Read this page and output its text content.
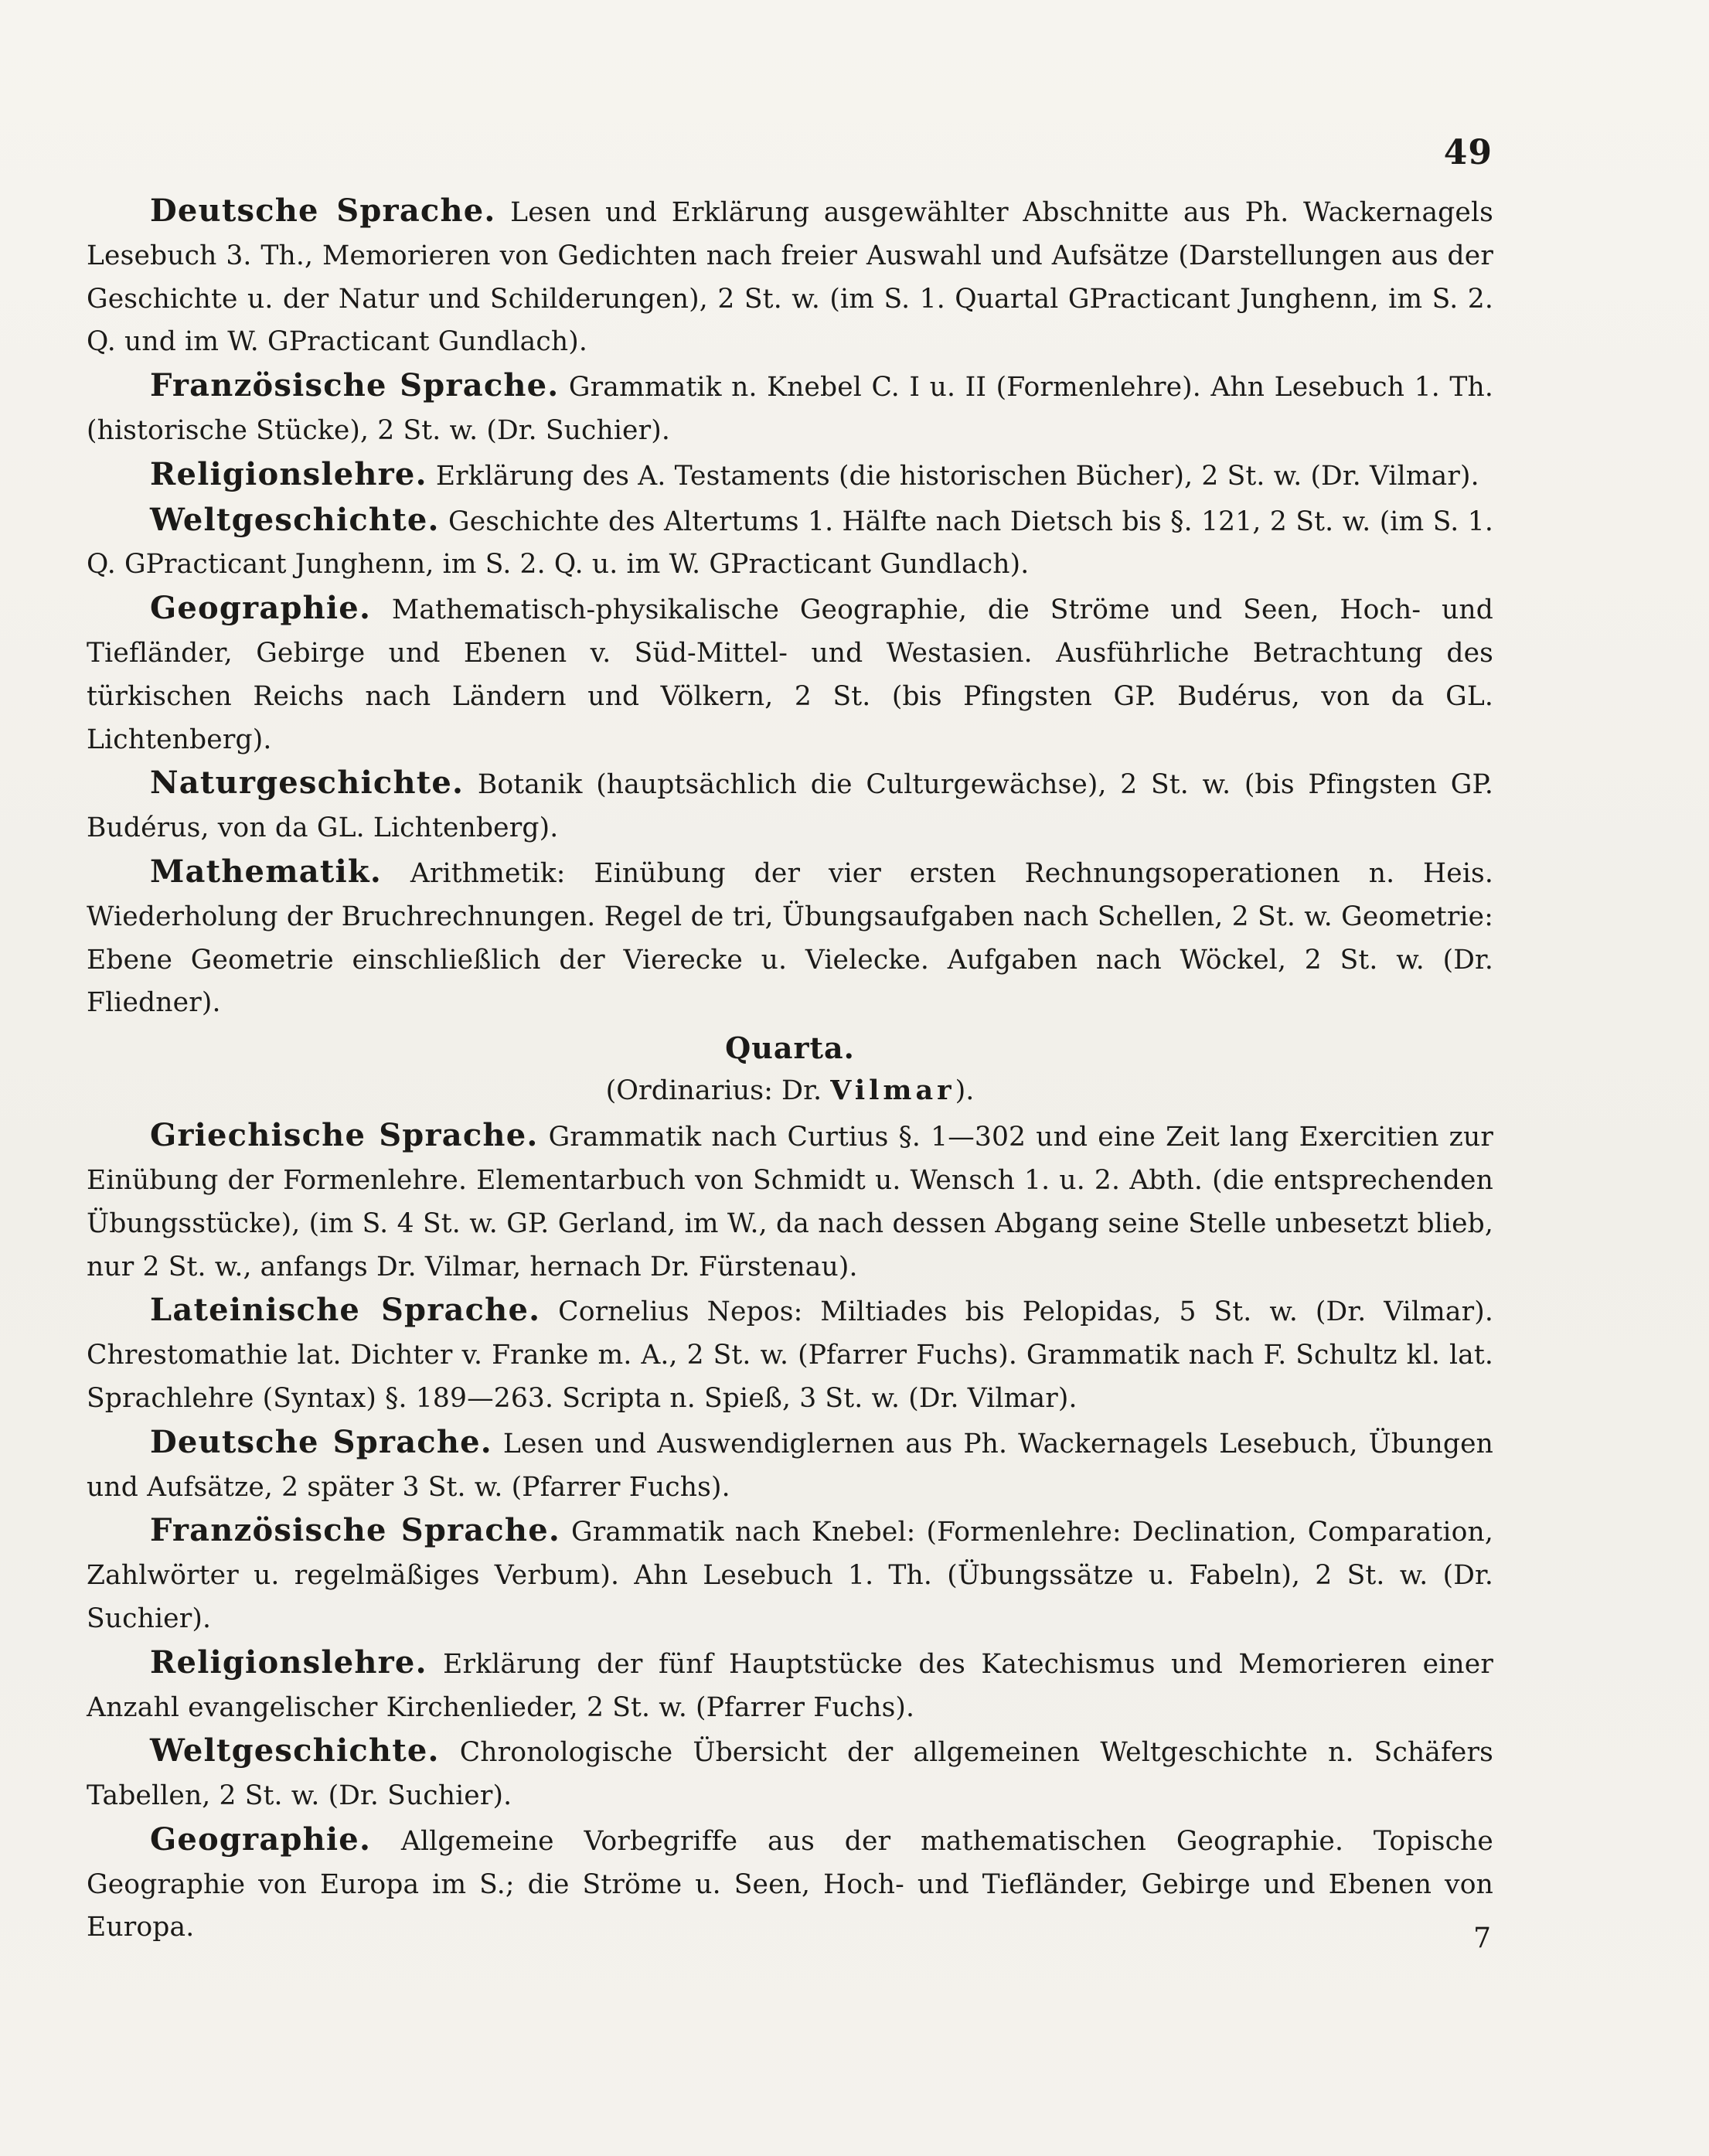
49

Deutsche Sprache. Lesen und Erklärung ausgewählter Abschnitte aus Ph. Wackernagels Lesebuch 3. Th., Memorieren von Gedichten nach freier Auswahl und Aufsätze (Darstellungen aus der Geschichte u. der Natur und Schilderungen), 2 St. w. (im S. 1. Quartal GPracticant Junghenn, im S. 2. Q. und im W. GPracticant Gundlach).

Französische Sprache. Grammatik n. Knebel C. I u. II (Formenlehre). Ahn Lesebuch 1. Th. (historische Stücke), 2 St. w. (Dr. Suchier).

Religionslehre. Erklärung des A. Testaments (die historischen Bücher), 2 St. w. (Dr. Vilmar).

Weltgeschichte. Geschichte des Altertums 1. Hälfte nach Dietsch bis §. 121, 2 St. w. (im S. 1. Q. GPracticant Junghenn, im S. 2. Q. u. im W. GPracticant Gundlach).

Geographie. Mathematisch-physikalische Geographie, die Ströme und Seen, Hoch- und Tiefländer, Gebirge und Ebenen v. Süd-Mittel- und Westasien. Ausführliche Betrachtung des türkischen Reichs nach Ländern und Völkern, 2 St. (bis Pfingsten GP. Budérus, von da GL. Lichtenberg).

Naturgeschichte. Botanik (hauptsächlich die Culturgewächse), 2 St. w. (bis Pfingsten GP. Budérus, von da GL. Lichtenberg).

Mathematik. Arithmetik: Einübung der vier ersten Rechnungsoperationen n. Heis. Wiederholung der Bruchrechnungen. Regel de tri, Übungsaufgaben nach Schellen, 2 St. w. Geometrie: Ebene Geometrie einschließlich der Vierecke u. Vielecke. Aufgaben nach Wöckel, 2 St. w. (Dr. Fliedner).

Quarta.
(Ordinarius: Dr. Vilmar).

Griechische Sprache. Grammatik nach Curtius §. 1—302 und eine Zeit lang Exercitien zur Einübung der Formenlehre. Elementarbuch von Schmidt u. Wensch 1. u. 2. Abth. (die entsprechenden Übungsstücke), (im S. 4 St. w. GP. Gerland, im W., da nach dessen Abgang seine Stelle unbesetzt blieb, nur 2 St. w., anfangs Dr. Vilmar, hernach Dr. Fürstenau).

Lateinische Sprache. Cornelius Nepos: Miltiades bis Pelopidas, 5 St. w. (Dr. Vilmar). Chrestomathie lat. Dichter v. Franke m. A., 2 St. w. (Pfarrer Fuchs). Grammatik nach F. Schultz kl. lat. Sprachlehre (Syntax) §. 189—263. Scripta n. Spieß, 3 St. w. (Dr. Vilmar).

Deutsche Sprache. Lesen und Auswendiglernen aus Ph. Wackernagels Lesebuch, Übungen und Aufsätze, 2 später 3 St. w. (Pfarrer Fuchs).

Französische Sprache. Grammatik nach Knebel: (Formenlehre: Declination, Comparation, Zahlwörter u. regelmäßiges Verbum). Ahn Lesebuch 1. Th. (Übungssätze u. Fabeln), 2 St. w. (Dr. Suchier).

Religionslehre. Erklärung der fünf Hauptstücke des Katechismus und Memorieren einer Anzahl evangelischer Kirchenlieder, 2 St. w. (Pfarrer Fuchs).

Weltgeschichte. Chronologische Übersicht der allgemeinen Weltgeschichte n. Schäfers Tabellen, 2 St. w. (Dr. Suchier).

Geographie. Allgemeine Vorbegriffe aus der mathematischen Geographie. Topische Geographie von Europa im S.; die Ströme u. Seen, Hoch- und Tiefländer, Gebirge und Ebenen von Europa.	7
